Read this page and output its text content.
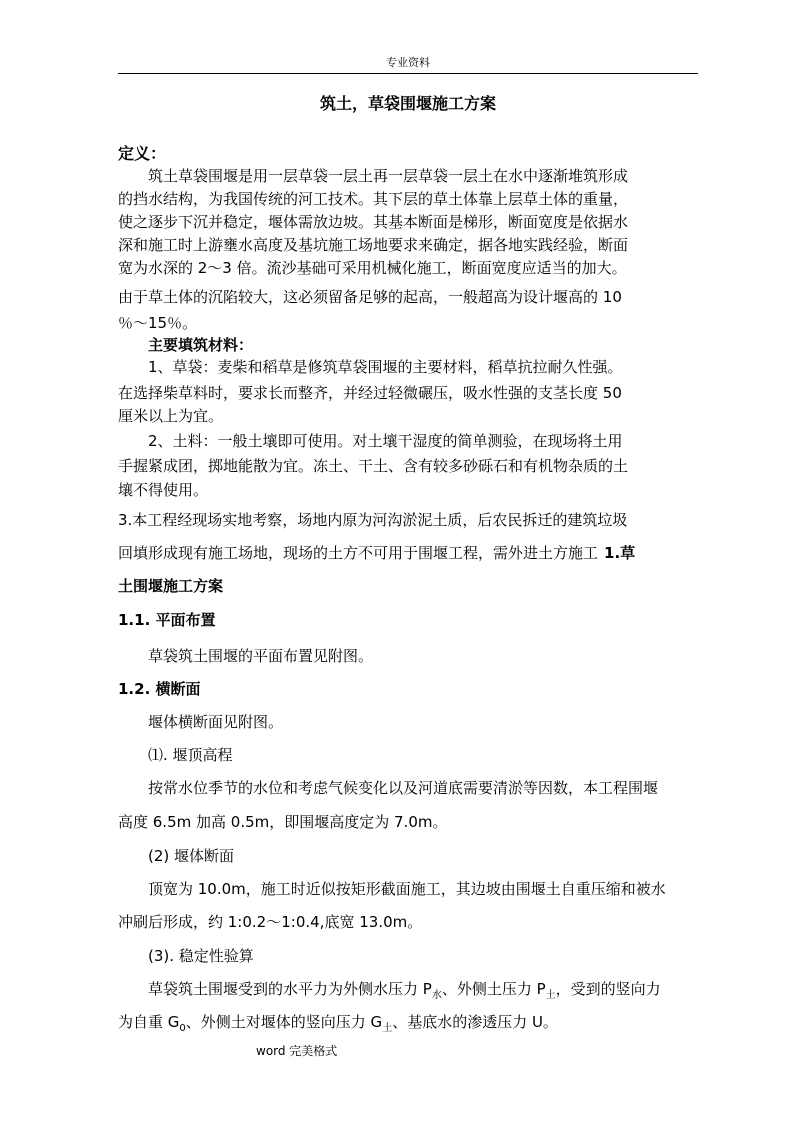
专业资料
筑土，草袋围堰施工方案
定义：
筑土草袋围堰是用一层草袋一层土再一层草袋一层土在水中逐渐堆筑形成
的挡水结构，为我国传统的河工技术。其下层的草土体靠上层草土体的重量，
使之逐步下沉并稳定，堰体需放边坡。其基本断面是梯形，断面宽度是依据水
深和施工时上游壅水高度及基坑施工场地要求来确定，据各地实践经验，断面
宽为水深的 2～3 倍。流沙基础可采用机械化施工，断面宽度应适当的加大。
由于草土体的沉陷较大，这必须留备足够的起高，一般超高为设计堰高的 10
％～15％。
主要填筑材料：
1、草袋：麦柴和稻草是修筑草袋围堰的主要材料，稻草抗拉耐久性强。
在选择柴草料时，要求长而整齐，并经过轻微碾压，吸水性强的支茎长度 50
厘米以上为宜。
2、土料：一般土壤即可使用。对土壤干湿度的简单测验，在现场将土用
手握紧成团，掷地能散为宜。冻土、干土、含有较多砂砾石和有机物杂质的土
壤不得使用。
3.本工程经现场实地考察，场地内原为河沟淤泥土质，后农民拆迁的建筑垃圾
回填形成现有施工场地，现场的土方不可用于围堰工程，需外进土方施工 1.草
土围堰施工方案
1.1. 平面布置
草袋筑土围堰的平面布置见附图。
1.2. 横断面
堰体横断面见附图。
⑴. 堰顶高程
按常水位季节的水位和考虑气候变化以及河道底需要清淤等因数，本工程围堰
高度 6.5m 加高 0.5m，即围堰高度定为 7.0m。
(2) 堰体断面
顶宽为 10.0m，施工时近似按矩形截面施工，其边坡由围堰土自重压缩和被水
冲刷后形成，约 1:0.2～1:0.4,底宽 13.0m。
(3). 稳定性验算
草袋筑土围堰受到的水平力为外侧水压力 $P_水$、外侧土压力 $P_土$，受到的竖向力
为自重 $G_0$、外侧土对堰体的竖向压力 $G_土$、基底水的渗透压力 U。
word 完美格式
